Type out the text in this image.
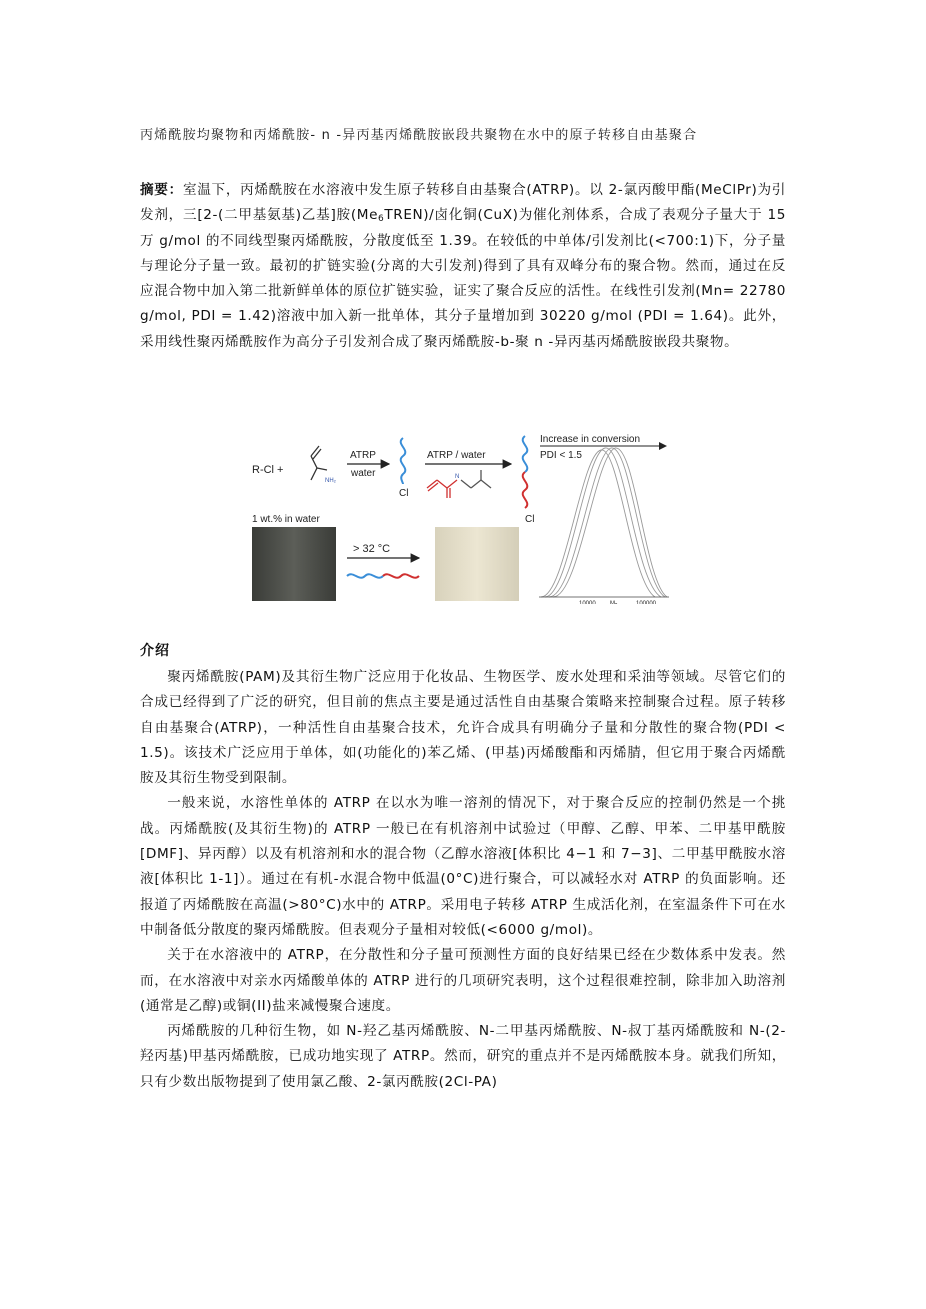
丙烯酰胺均聚物和丙烯酰胺- n -异丙基丙烯酰胺嵌段共聚物在水中的原子转移自由基聚合
摘要：室温下，丙烯酰胺在水溶液中发生原子转移自由基聚合(ATRP)。以 2-氯丙酸甲酯(MeClPr)为引发剂，三[2-(二甲基氨基)乙基]胺$(Me_6TREN)/$卤化铜(CuX)为催化剂体系，合成了表观分子量大于 15 万 g/mol 的不同线型聚丙烯酰胺，分散度低至 1.39。在较低的中单体/引发剂比(<700:1)下，分子量与理论分子量一致。最初的扩链实验(分离的大引发剂)得到了具有双峰分布的聚合物。然而，通过在反应混合物中加入第二批新鲜单体的原位扩链实验，证实了聚合反应的活性。在线性引发剂(Mn= 22780 g/mol, PDI = 1.42)溶液中加入新一批单体，其分子量增加到 30220 g/mol (PDI = 1.64)。此外，采用线性聚丙烯酰胺作为高分子引发剂合成了聚丙烯酰胺-b-聚 n -异丙基丙烯酰胺嵌段共聚物。
R-Cl +
NH₂
ATRP
water
Cl
ATRP / water
N
Cl
Increase in conversion
PDI < 1.5
10000	100000
Mₙ
1 wt.% in water
> 32 °C
介绍

聚丙烯酰胺(PAM)及其衍生物广泛应用于化妆品、生物医学、废水处理和采油等领域。尽管它们的合成已经得到了广泛的研究，但目前的焦点主要是通过活性自由基聚合策略来控制聚合过程。原子转移自由基聚合(ATRP)，一种活性自由基聚合技术，允许合成具有明确分子量和分散性的聚合物(PDI < 1.5)。该技术广泛应用于单体，如(功能化的)苯乙烯、(甲基)丙烯酸酯和丙烯腈，但它用于聚合丙烯酰胺及其衍生物受到限制。

一般来说，水溶性单体的 ATRP 在以水为唯一溶剂的情况下，对于聚合反应的控制仍然是一个挑战。丙烯酰胺(及其衍生物)的 ATRP 一般已在有机溶剂中试验过（甲醇、乙醇、甲苯、二甲基甲酰胺[DMF]、异丙醇）以及有机溶剂和水的混合物（乙醇水溶液[体积比 4−1 和 7−3]、二甲基甲酰胺水溶液[体积比 1-1]）。通过在有机-水混合物中低温(0°C)进行聚合，可以减轻水对 ATRP 的负面影响。还报道了丙烯酰胺在高温(>80°C)水中的 ATRP。采用电子转移 ATRP 生成活化剂，在室温条件下可在水中制备低分散度的聚丙烯酰胺。但表观分子量相对较低(<6000 g/mol)。

关于在水溶液中的 ATRP，在分散性和分子量可预测性方面的良好结果已经在少数体系中发表。然而，在水溶液中对亲水丙烯酸单体的 ATRP 进行的几项研究表明，这个过程很难控制，除非加入助溶剂(通常是乙醇)或铜(II)盐来减慢聚合速度。

丙烯酰胺的几种衍生物，如 N-羟乙基丙烯酰胺、N-二甲基丙烯酰胺、N-叔丁基丙烯酰胺和 N-(2-羟丙基)甲基丙烯酰胺，已成功地实现了 ATRP。然而，研究的重点并不是丙烯酰胺本身。就我们所知，只有少数出版物提到了使用氯乙酸、2-氯丙酰胺(2Cl-PA)
